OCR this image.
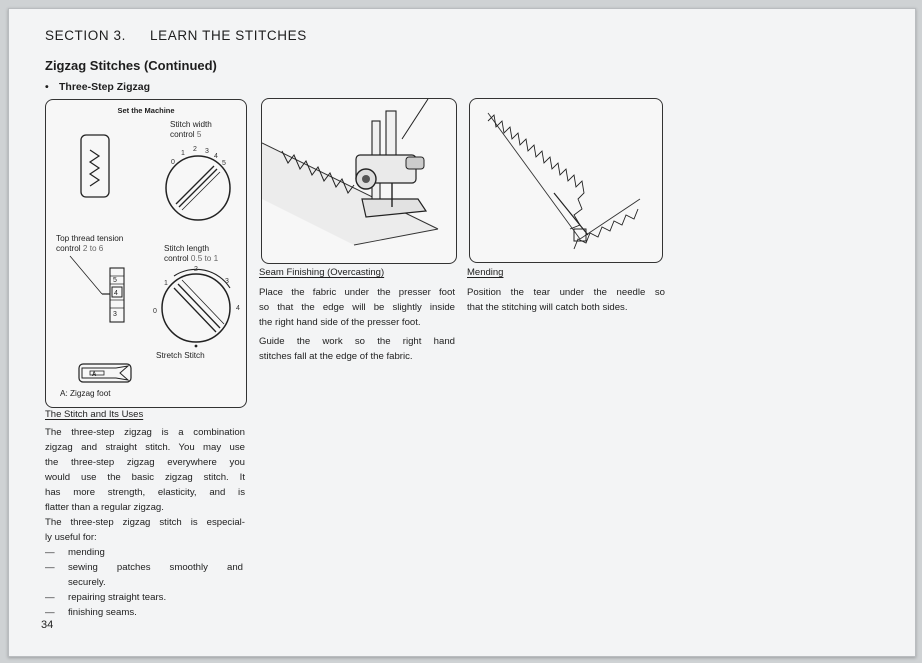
SECTION 3. LEARN THE STITCHES
Zigzag Stitches (Continued)
• Three-Step Zigzag
Set the Machine
Stitch width
control 5
0
1
2 3
4
5
Top thread tension
control 2 to 6
5
4
3
Stitch length
control 0.5 to 1
0
1
2
3
4
Stretch Stitch
A
A: Zigzag foot
Seam Finishing (Overcasting)
Place the fabric under the presser foot
so that the edge will be slightly inside
the right hand side of the presser foot.
Guide the work so the right hand
stitches fall at the edge of the fabric.
Mending
Position the tear under the needle so
that the stitching will catch both sides.
The Stitch and Its Uses
The three-step zigzag is a combination
zigzag and straight stitch. You may use
the three-step zigzag everywhere you
would use the basic zigzag stitch. It
has more strength, elasticity, and is
flatter than a regular zigzag.
The three-step zigzag stitch is especial-
ly useful for:
— mending
— sewing patches smoothly and
securely.
— repairing straight tears.
— finishing seams.
34
